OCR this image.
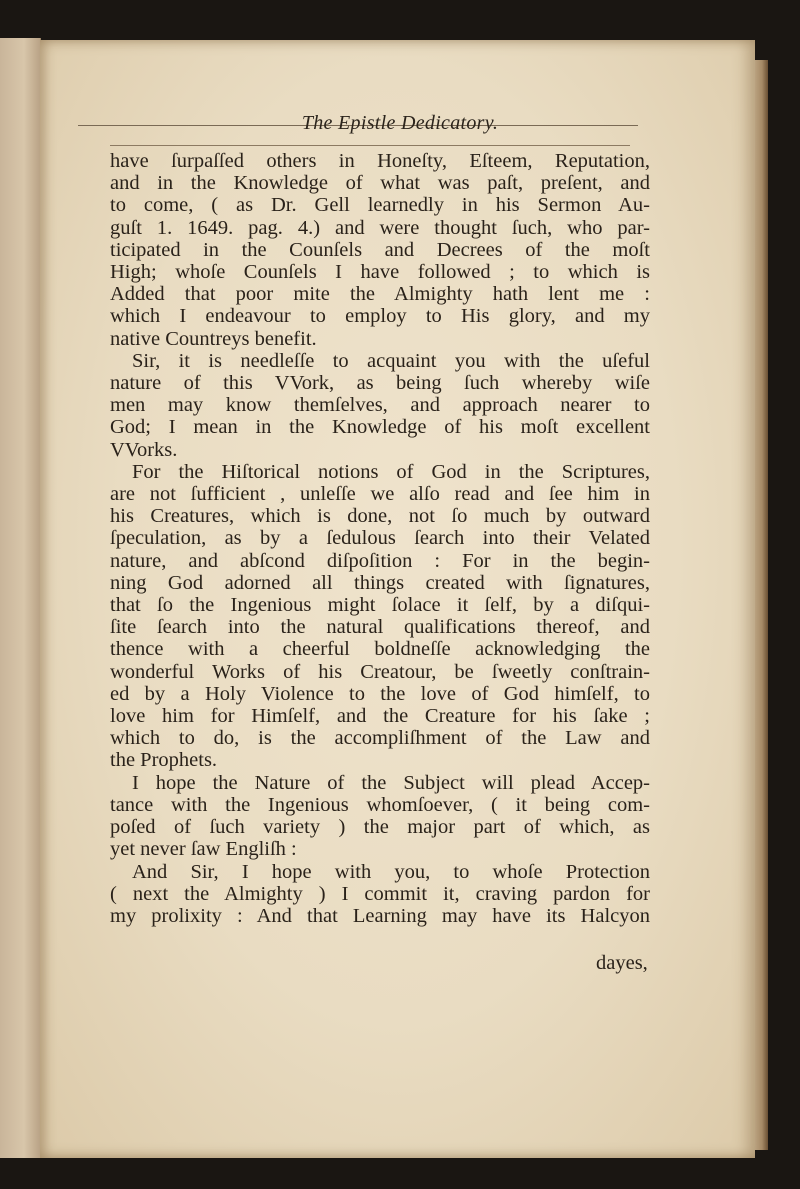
The Epistle Dedicatory.
have ſurpaſſed others in Honeſty, Eſteem, Reputation,
and in the Knowledge of what was paſt, preſent, and
to come, ( as Dr. Gell learnedly in his Sermon Au-
guſt 1. 1649. pag. 4.) and were thought ſuch, who par-
ticipated in the Counſels and Decrees of the moſt
High; whoſe Counſels I have followed ; to which is
Added that poor mite the Almighty hath lent me :
which I endeavour to employ to His glory, and my
native Countreys benefit.
Sir, it is needleſſe to acquaint you with the uſeful
nature of this VVork, as being ſuch whereby wiſe
men may know themſelves, and approach nearer to
God; I mean in the Knowledge of his moſt excellent
VVorks.
For the Hiſtorical notions of God in the Scriptures,
are not ſufficient , unleſſe we alſo read and ſee him in
his Creatures, which is done, not ſo much by outward
ſpeculation, as by a ſedulous ſearch into their Velated
nature, and abſcond diſpoſition : For in the begin-
ning God adorned all things created with ſignatures,
that ſo the Ingenious might ſolace it ſelf, by a diſqui-
ſite ſearch into the natural qualifications thereof, and
thence with a cheerful boldneſſe acknowledging the
wonderful Works of his Creatour, be ſweetly conſtrain-
ed by a Holy Violence to the love of God himſelf, to
love him for Himſelf, and the Creature for his ſake ;
which to do, is the accompliſhment of the Law and
the Prophets.
I hope the Nature of the Subject will plead Accep-
tance with the Ingenious whomſoever, ( it being com-
poſed of ſuch variety ) the major part of which, as
yet never ſaw Engliſh :
And Sir, I hope with you, to whoſe Protection
( next the Almighty ) I commit it, craving pardon for
my prolixity : And that Learning may have its Halcyon
dayes,
